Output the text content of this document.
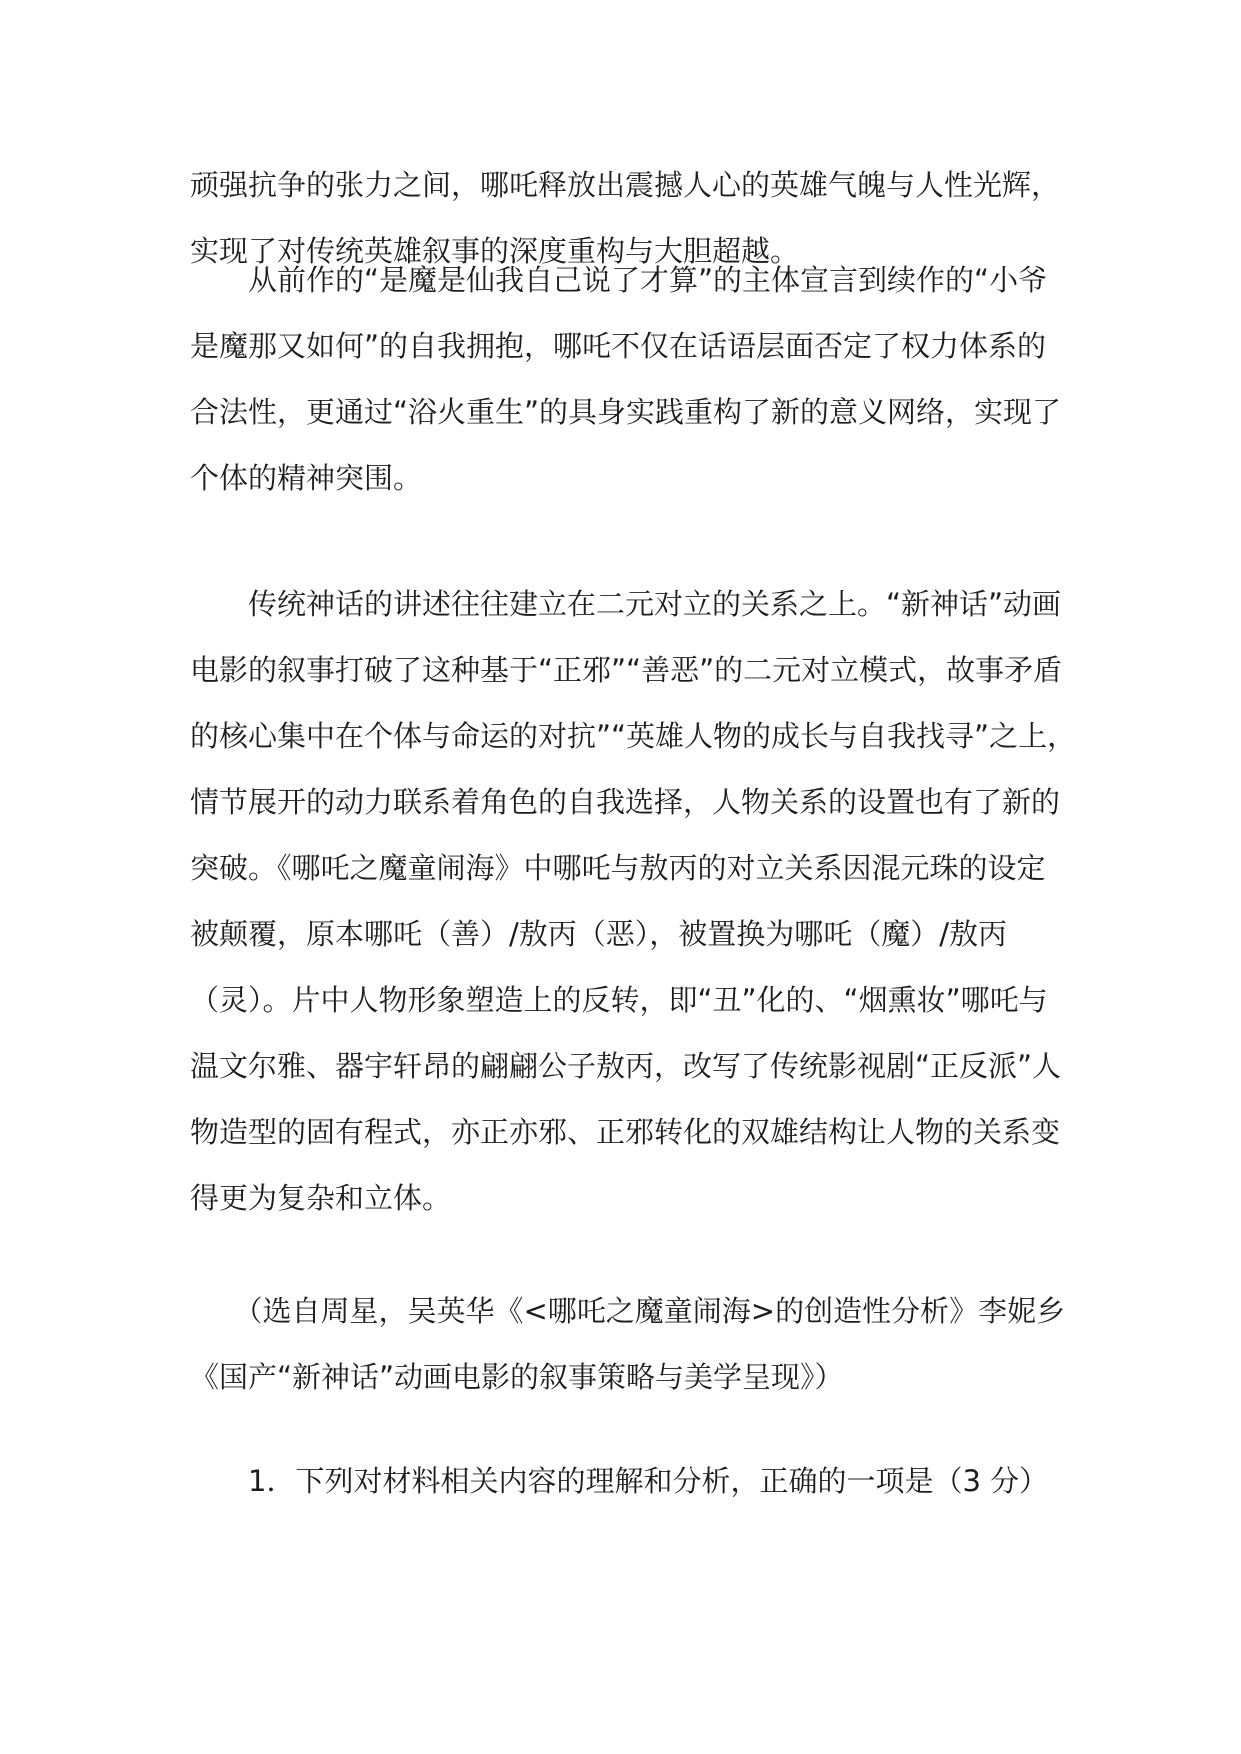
顽强抗争的张力之间，哪吒释放出震撼人心的英雄气魄与人性光辉，
实现了对传统英雄叙事的深度重构与大胆超越。
　　从前作的“是魔是仙我自己说了才算”的主体宣言到续作的“小爷
是魔那又如何”的自我拥抱，哪吒不仅在话语层面否定了权力体系的
合法性，更通过“浴火重生”的具身实践重构了新的意义网络，实现了
个体的精神突围。
　　传统神话的讲述往往建立在二元对立的关系之上。“新神话”动画
电影的叙事打破了这种基于“正邪”“善恶”的二元对立模式，故事矛盾
的核心集中在个体与命运的对抗”“英雄人物的成长与自我找寻”之上，
情节展开的动力联系着角色的自我选择，人物关系的设置也有了新的
突破。《哪吒之魔童闹海》中哪吒与敖丙的对立关系因混元珠的设定
被颠覆，原本哪吒（善）/敖丙（恶），被置换为哪吒（魔）/敖丙
（灵）。片中人物形象塑造上的反转，即“丑”化的、“烟熏妆”哪吒与
温文尔雅、器宇轩昂的翩翩公子敖丙，改写了传统影视剧“正反派”人
物造型的固有程式，亦正亦邪、正邪转化的双雄结构让人物的关系变
得更为复杂和立体。
　　（选自周星，吴英华《<哪吒之魔童闹海>的创造性分析》李妮乡
《国产“新神话”动画电影的叙事策略与美学呈现》）
　　1．下列对材料相关内容的理解和分析，正确的一项是（3 分）
